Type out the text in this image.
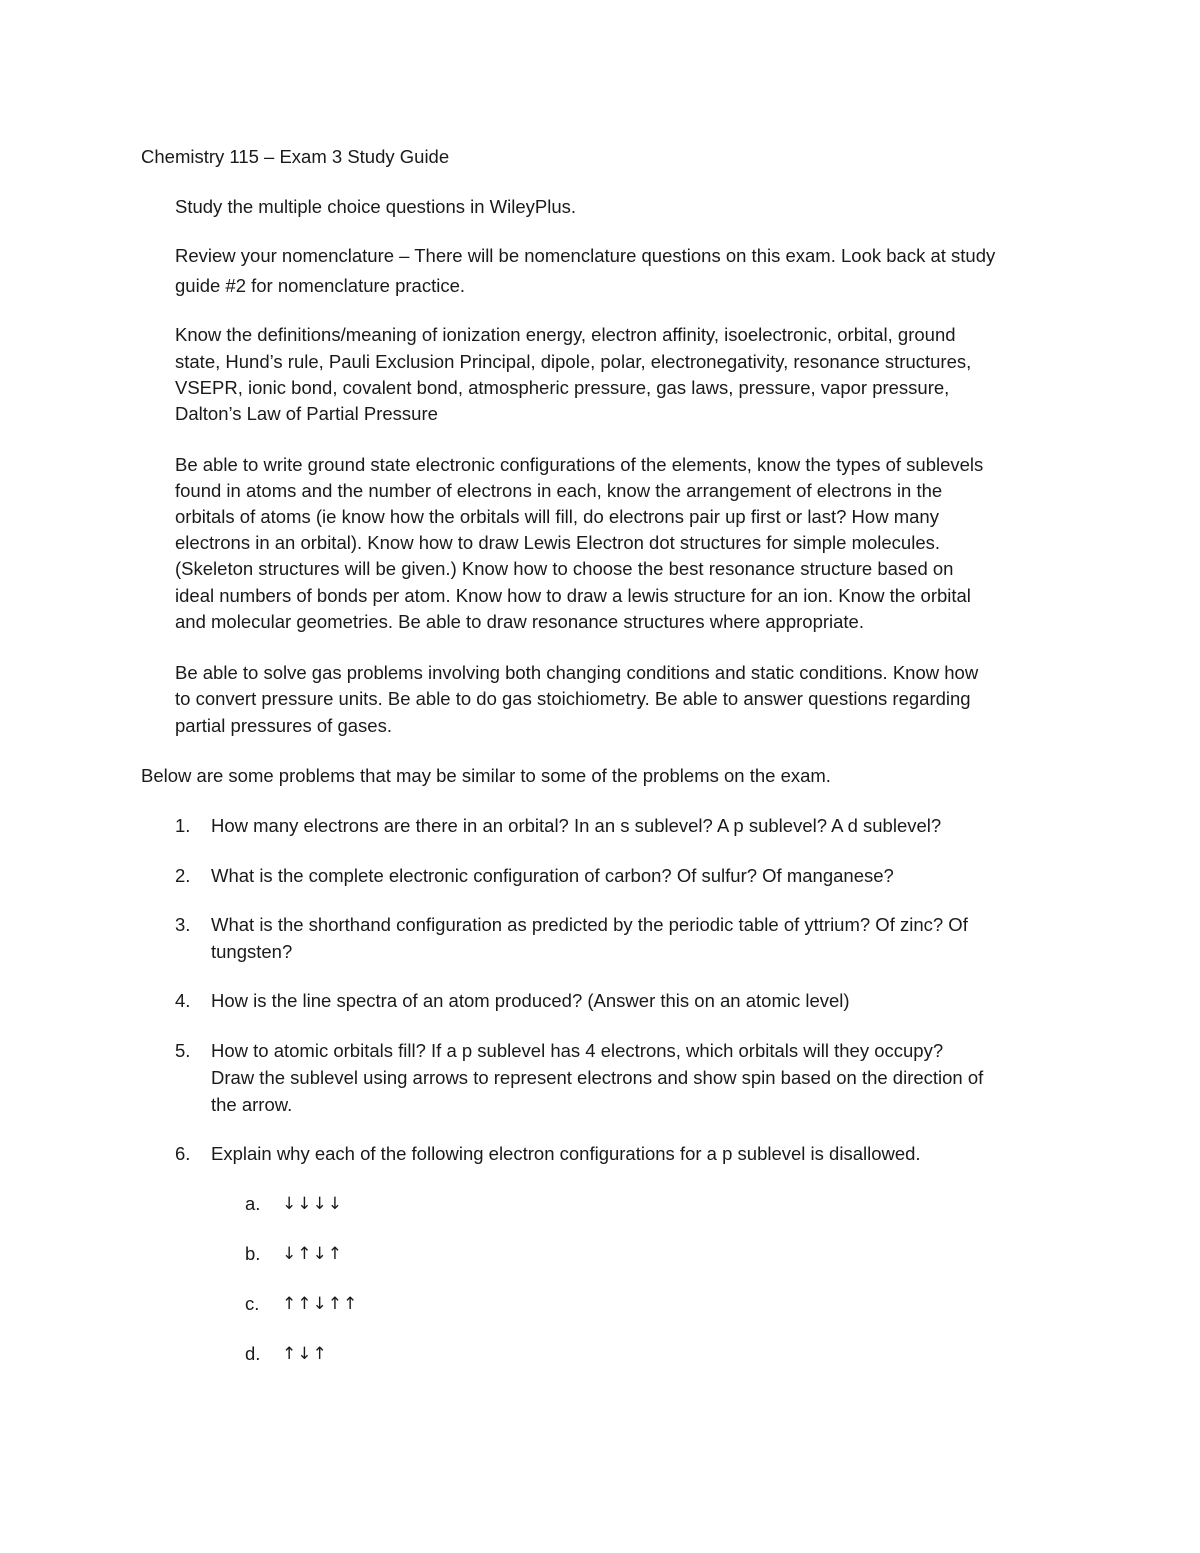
Chemistry 115 – Exam 3 Study Guide
Study the multiple choice questions in WileyPlus.
Review your nomenclature – There will be nomenclature questions on this exam. Look back at study
guide #2 for nomenclature practice.
Know the definitions/meaning of ionization energy, electron affinity, isoelectronic, orbital, ground
state, Hund’s rule, Pauli Exclusion Principal, dipole, polar, electronegativity, resonance structures,
VSEPR, ionic bond, covalent bond, atmospheric pressure, gas laws, pressure, vapor pressure,
Dalton’s Law of Partial Pressure
Be able to write ground state electronic configurations of the elements, know the types of sublevels
found in atoms and the number of electrons in each, know the arrangement of electrons in the
orbitals of atoms (ie know how the orbitals will fill, do electrons pair up first or last? How many
electrons in an orbital). Know how to draw Lewis Electron dot structures for simple molecules.
(Skeleton structures will be given.) Know how to choose the best resonance structure based on
ideal numbers of bonds per atom. Know how to draw a lewis structure for an ion. Know the orbital
and molecular geometries. Be able to draw resonance structures where appropriate.
Be able to solve gas problems involving both changing conditions and static conditions. Know how
to convert pressure units. Be able to do gas stoichiometry. Be able to answer questions regarding
partial pressures of gases.
Below are some problems that may be similar to some of the problems on the exam.
1. How many electrons are there in an orbital? In an s sublevel? A p sublevel? A d sublevel?
2. What is the complete electronic configuration of carbon? Of sulfur? Of manganese?
3. What is the shorthand configuration as predicted by the periodic table of yttrium? Of zinc? Of
tungsten?
4. How is the line spectra of an atom produced? (Answer this on an atomic level)
5. How to atomic orbitals fill? If a p sublevel has 4 electrons, which orbitals will they occupy?
Draw the sublevel using arrows to represent electrons and show spin based on the direction of
the arrow.
6. Explain why each of the following electron configurations for a p sublevel is disallowed.
a. ↓↓↓↓
b. ↓↑↓↑
c. ↑↑↓↑↑
d. ↑↓↑
